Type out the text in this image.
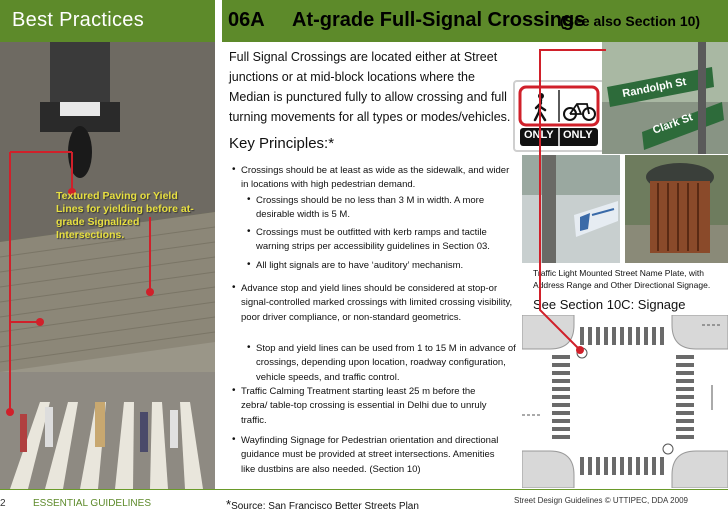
Best Practices	06A At-grade Full-Signal Crossings
(See also Section 10)
Textured Paving or Yield Lines for yielding before at-grade Signalized Intersections.
Full Signal Crossings are located either at Street junctions or at mid-block locations where the Median is punctured fully to allow crossing and full turning movements for all types or modes/vehicles.
Key Principles:*
• Crossings should be at least as wide as the sidewalk, and wider in locations with high pedestrian demand.
• Crossings should be no less than 3 M in width. A more desirable width is 5 M.
• Crossings must be outfitted with kerb ramps and tactile warning strips per accessibility guidelines in Section 03.
• All light signals are to have ‘auditory’ mechanism.
• Advance stop and yield lines should be considered at stop-or signal-controlled marked crossings with limited crossing visibility, poor driver compliance, or non-standard geometrics.
• Stop and yield lines can be used from 1 to 15 M in advance of crossings, depending upon location, roadway configuration, vehicle speeds, and traffic control.
• Traffic Calming Treatment starting least 25 m before the zebra/ table-top crossing is essential in Delhi due to unruly traffic.
• Wayfinding Signage for Pedestrian orientation and directional guidance must be provided at street intersections. Amenities like dustbins are also needed. (Section 10)
ONLY ONLY
Randolph St
Clark St
Traffic Light Mounted Street Name Plate, with Address Range and Other Directional Signage.
See Section 10C: Signage
2	ESSENTIAL GUIDELINES	*Source: San Francisco Better Streets Plan
Street Design Guidelines © UTTIPEC, DDA 2009
